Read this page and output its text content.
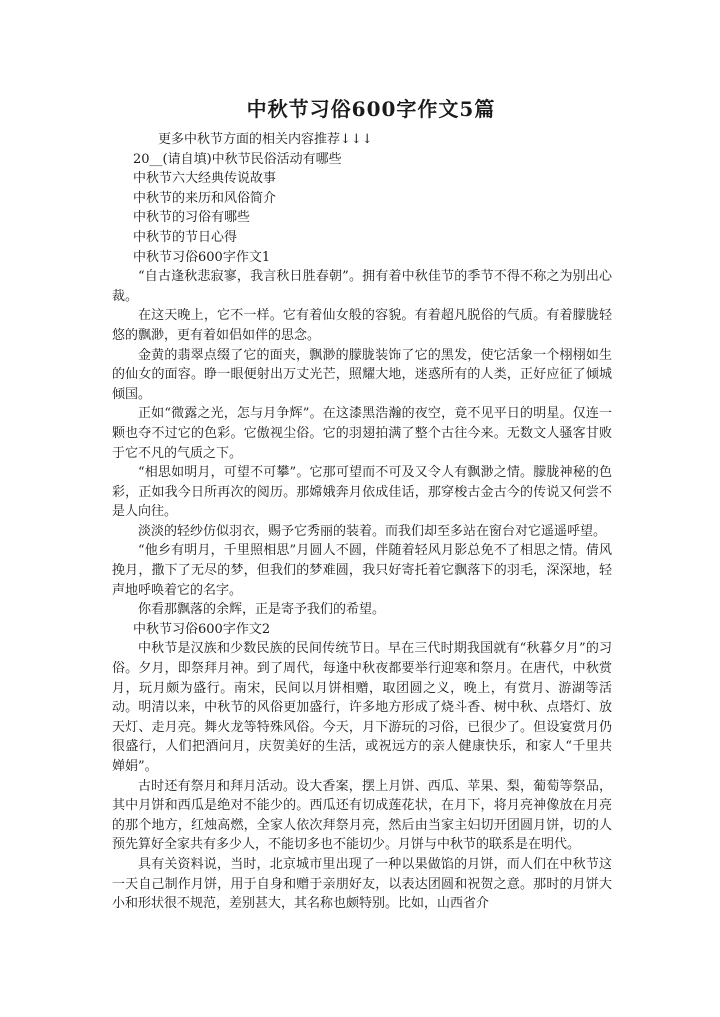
中秋节习俗600字作文5篇

更多中秋节方面的相关内容推荐↓↓↓

20__(请自填)中秋节民俗活动有哪些
中秋节六大经典传说故事
中秋节的来历和风俗简介
中秋节的习俗有哪些
中秋节的节日心得

中秋节习俗600字作文1

“自古逢秋悲寂寥，我言秋日胜春朝”。拥有着中秋佳节的季节不得不称之为别出心裁。

在这天晚上，它不一样。它有着仙女般的容貌。有着超凡脱俗的气质。有着朦胧轻悠的飘渺，更有着如侣如伴的思念。

金黄的翡翠点缀了它的面夹，飘渺的朦胧装饰了它的黑发，使它活象一个栩栩如生的仙女的面容。睁一眼便射出万丈光芒，照耀大地，迷惑所有的人类，正好应征了倾城倾国。

正如“微露之光，怎与月争辉”。在这漆黑浩瀚的夜空，竟不见平日的明星。仅连一颗也夺不过它的色彩。它傲视尘俗。它的羽翅拍满了整个古往今来。无数文人骚客甘败于它不凡的气质之下。

“相思如明月，可望不可攀”。它那可望而不可及又令人有飘渺之情。朦胧神秘的色彩，正如我今日所再次的阅历。那嫦娥奔月依成佳话，那穿梭古金古今的传说又何尝不是人向往。

淡淡的轻纱仿似羽衣，赐予它秀丽的装着。而我们却至多站在窗台对它遥遥呼望。

“他乡有明月，千里照相思”月圆人不圆，伴随着轻风月影总免不了相思之情。倩风挽月，撒下了无尽的梦，但我们的梦难圆，我只好寄托着它飘落下的羽毛，深深地，轻声地呼唤着它的名字。

你看那飘落的余辉，正是寄予我们的希望。

中秋节习俗600字作文2

中秋节是汉族和少数民族的民间传统节日。早在三代时期我国就有“秋暮夕月”的习俗。夕月，即祭拜月神。到了周代，每逢中秋夜都要举行迎寒和祭月。在唐代，中秋赏月，玩月颇为盛行。南宋，民间以月饼相赠，取团圆之义，晚上，有赏月、游湖等活动。明清以来，中秋节的风俗更加盛行，许多地方形成了烧斗香、树中秋、点塔灯、放天灯、走月亮。舞火龙等特殊风俗。今天，月下游玩的习俗，已很少了。但设宴赏月仍很盛行，人们把酒问月，庆贺美好的生活，或祝远方的亲人健康快乐，和家人“千里共婵娟”。

古时还有祭月和拜月活动。设大香案，摆上月饼、西瓜、苹果、梨，葡萄等祭品，其中月饼和西瓜是绝对不能少的。西瓜还有切成莲花状，在月下，将月亮神像放在月亮的那个地方，红烛高燃，全家人依次拜祭月亮，然后由当家主妇切开团圆月饼，切的人预先算好全家共有多少人，不能切多也不能切少。月饼与中秋节的联系是在明代。

具有关资料说，当时，北京城市里出现了一种以果做馅的月饼，而人们在中秋节这一天自己制作月饼，用于自身和赠于亲朋好友，以表达团圆和祝贺之意。那时的月饼大小和形状很不规范，差别甚大，其名称也颇特别。比如，山西省介
